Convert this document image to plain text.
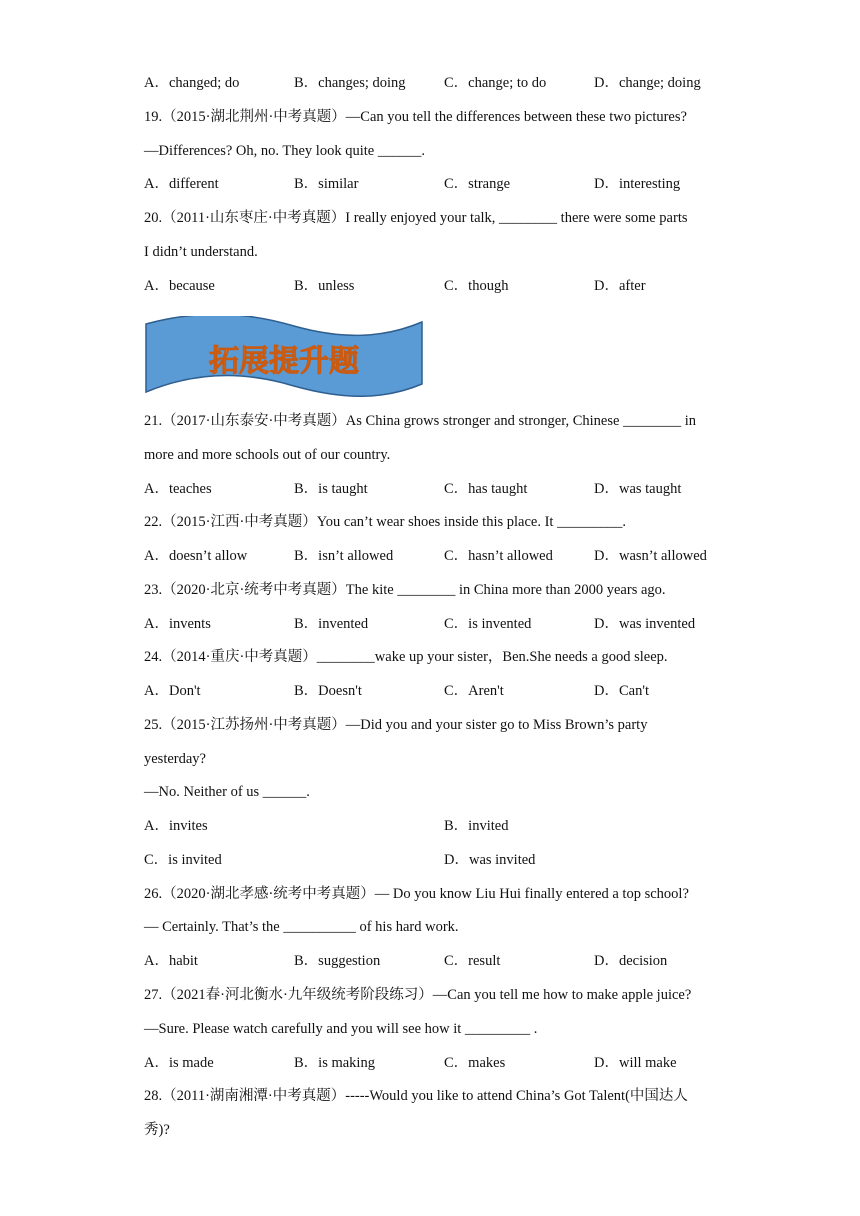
A．changed; do	B．changes; doing	C．change; to do	D．change; doing
19.（2015·湖北荆州·中考真题）—Can you tell the differences between these two pictures?
—Differences? Oh, no. They look quite ______.
A．different	B．similar	C．strange	D．interesting
20.（2011·山东枣庄·中考真题）I really enjoyed your talk, ________ there were some parts
I didn’t understand.
A．because	B．unless	C．though	D．after
拓展提升题
21.（2017·山东泰安·中考真题）As China grows stronger and stronger, Chinese ________ in
more and more schools out of our country.
A．teaches	B．is taught	C．has taught	D．was taught
22.（2015·江西·中考真题）You can’t wear shoes inside this place. It _________.
A．doesn’t allow	B．isn’t allowed	C．hasn’t allowed	D．wasn’t allowed
23.（2020·北京·统考中考真题）The kite ________ in China more than 2000 years ago.
A．invents	B．invented	C．is invented	D．was invented
24.（2014·重庆·中考真题）________wake up your sister，Ben.She needs a good sleep.
A．Don't	B．Doesn't	C．Aren't	D．Can't
25.（2015·江苏扬州·中考真题）—Did you and your sister go to Miss Brown’s party
yesterday?
—No. Neither of us ______.
A．invites	B．invited
C．is invited	D．was invited
26.（2020·湖北孝感·统考中考真题）— Do you know Liu Hui finally entered a top school?
— Certainly. That’s the __________ of his hard work.
A．habit	B．suggestion	C．result	D．decision
27.（2021春·河北衡水·九年级统考阶段练习）—Can you tell me how to make apple juice?
—Sure. Please watch carefully and you will see how it _________ .
A．is made	B．is making	C．makes	D．will make
28.（2011·湖南湘潭·中考真题）-----Would you like to attend China’s Got Talent(中国达人
秀)?
